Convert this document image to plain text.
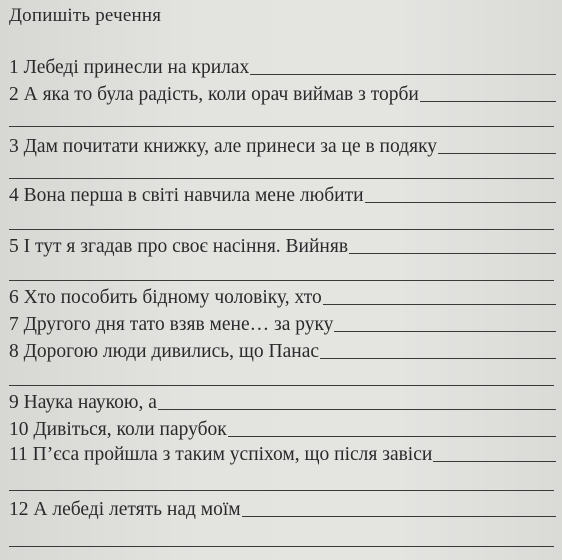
Допишіть речення
1 Лебеді принесли на крилах
2 А яка то була радість, коли орач виймав з торби
3 Дам почитати книжку, але принеси за це в подяку
4 Вона перша в світі навчила мене любити
5 І тут я згадав про своє насіння. Вийняв
6 Хто пособить бідному чоловіку, хто
7 Другого дня тато взяв мене… за руку
8 Дорогою люди дивились, що Панас
9 Наука наукою, а
10 Дивіться, коли парубок
11 П’єса пройшла з таким успіхом, що після завіси
12 А лебеді летять над моїм
